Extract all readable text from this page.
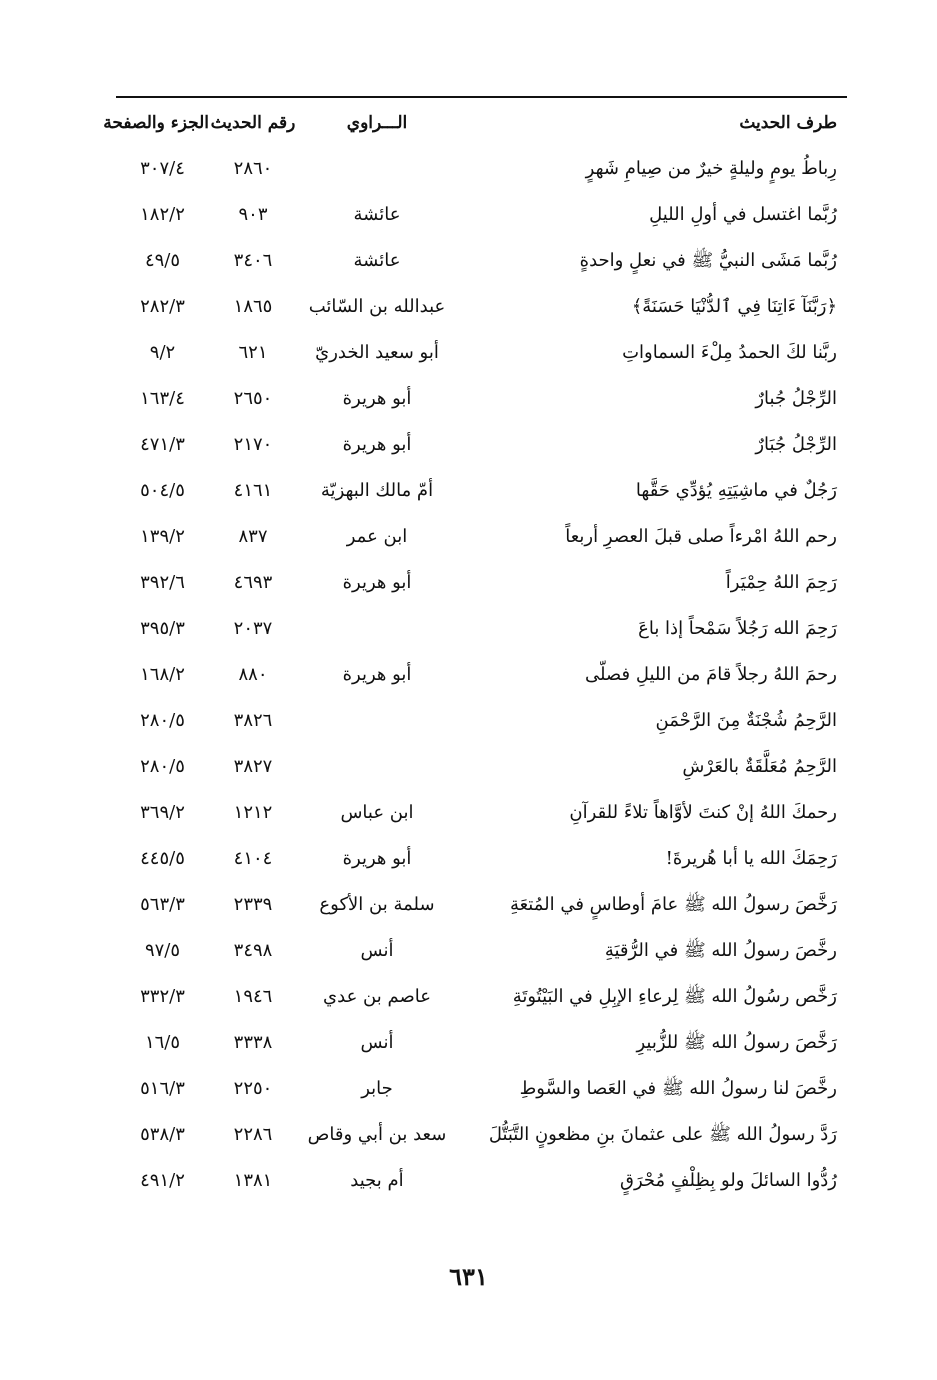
طرف الحديث
الـــراوي
رقم الحديث
الجزء والصفحة
رِباطُ يومٍ وليلةٍ خيرٌ من صِيامِ شَهرٍ
٢٨٦٠
٣٠٧/٤
رُبَّما اغتسل في أولِ الليلِ
عائشة
٩٠٣
١٨٢/٢
رُبَّما مَشَى النبيُّ ﷺ في نعلٍ واحدةٍ
عائشة
٣٤٠٦
٤٩/٥
﴿رَبَّنَآ ءَاتِنَا فِي ٱلدُّنْيَا حَسَنَةً﴾
عبدالله بن السّائب
١٨٦٥
٢٨٢/٣
ربَّنا لكَ الحمدُ مِلْءَ السماواتِ
أبو سعيد الخدريّ
٦٢١
٩/٢
الرِّجْلُ جُبارٌ
أبو هريرة
٢٦٥٠
١٦٣/٤
الرِّجْلُ جُبَارٌ
أبو هريرة
٢١٧٠
٤٧١/٣
رَجُلٌ في ماشِيَتِهِ يُؤدِّي حَقَّها
أمّ مالك البهزيّة
٤١٦١
٥٠٤/٥
رحم اللهُ امْرءاً صلى قبلَ العصرِ أربعاً
ابن عمر
٨٣٧
١٣٩/٢
رَحِمَ اللهُ حِمْيَراً
أبو هريرة
٤٦٩٣
٣٩٢/٦
رَحِمَ الله رَجُلاً سَمْحاً إذا باعَ
٢٠٣٧
٣٩٥/٣
رحمَ اللهُ رجلاً قامَ من الليلِ فصلّى
أبو هريرة
٨٨٠
١٦٨/٢
الرَّحِمُ شُجْنَةٌ مِنَ الرَّحْمَنِ
٣٨٢٦
٢٨٠/٥
الرَّحِمُ مُعَلَّقَةٌ بالعَرْشِ
٣٨٢٧
٢٨٠/٥
رحمكَ اللهُ إنْ كنتَ لأوَّاهاً تلاءً للقرآنِ
ابن عباس
١٢١٢
٣٦٩/٢
رَحِمَكَ الله يا أبا هُريرةَ!
أبو هريرة
٤١٠٤
٤٤٥/٥
رَخَّصَ رسولُ الله ﷺ عامَ أوطاسٍ في المُتعَةِ
سلمة بن الأكوع
٢٣٣٩
٥٦٣/٣
رخَّصَ رسولُ الله ﷺ في الرُّقيَةِ
أنس
٣٤٩٨
٩٧/٥
رَخَّص رسُولُ الله ﷺ لِرعاءِ الإبِلِ في البَيْتُوتَةِ
عاصم بن عدي
١٩٤٦
٣٣٢/٣
رَخَّصَ رسولُ الله ﷺ للزُّبيرِ
أنس
٣٣٣٨
١٦/٥
رخَّصَ لنا رسولُ الله ﷺ في العَصا والسَّوطِ
جابر
٢٢٥٠
٥١٦/٣
رَدَّ رسولُ الله ﷺ على عثمانَ بنِ مظعونٍ التَّبَتُّلَ
سعد بن أبي وقاص
٢٢٨٦
٥٣٨/٣
رُدُّوا السائلَ ولو بِظِلْفٍ مُحْرَقٍ
أم بجيد
١٣٨١
٤٩١/٢
٦٣١
